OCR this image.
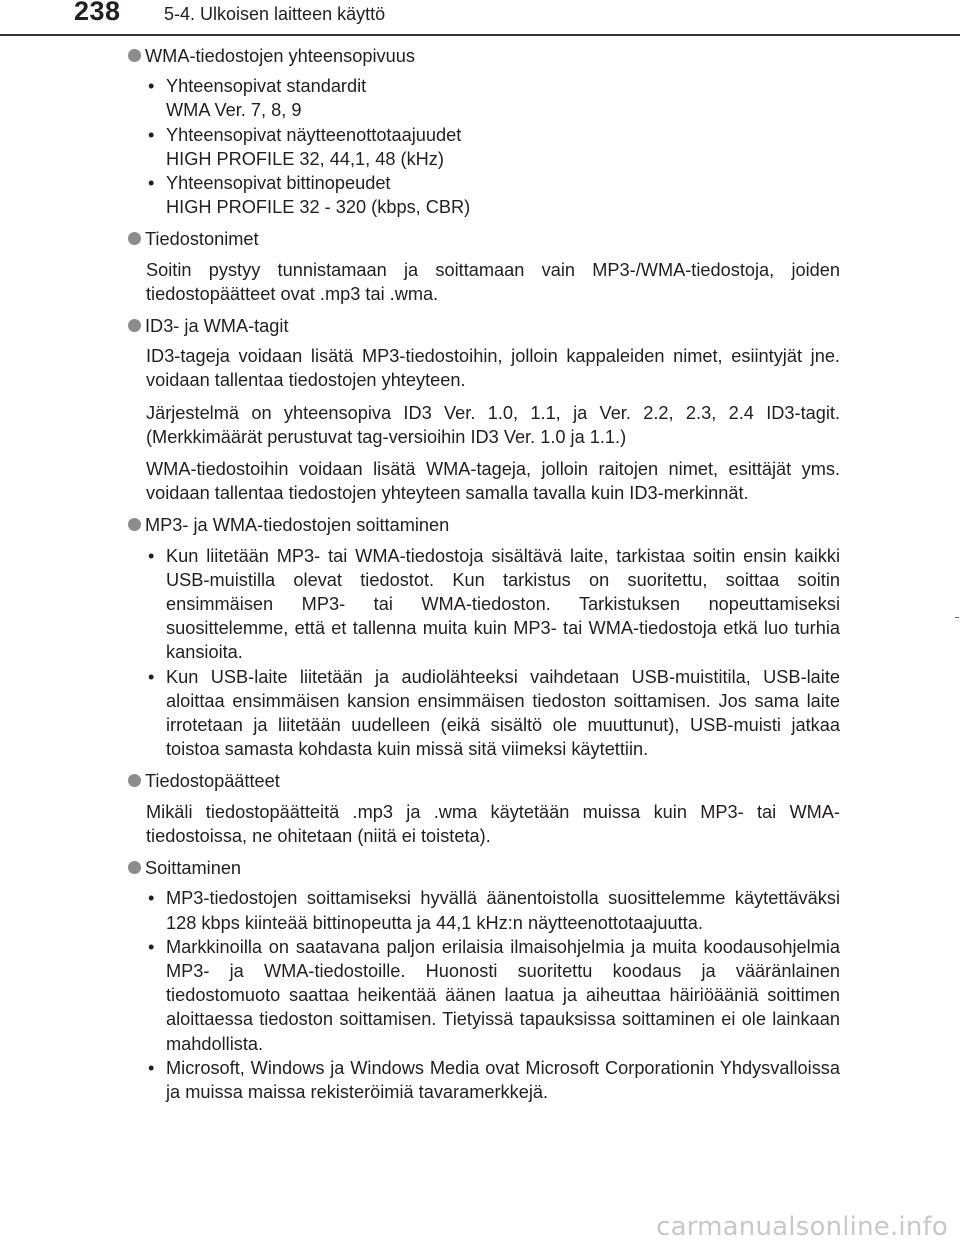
238 5-4. Ulkoisen laitteen käyttö
WMA-tiedostojen yhteensopivuus
• Yhteensopivat standardit
WMA Ver. 7, 8, 9
• Yhteensopivat näytteenottotaajuudet
HIGH PROFILE 32, 44,1, 48 (kHz)
• Yhteensopivat bittinopeudet
HIGH PROFILE 32 - 320 (kbps, CBR)
Tiedostonimet
Soitin pystyy tunnistamaan ja soittamaan vain MP3-/WMA-tiedostoja, joiden tiedostopäätteet ovat .mp3 tai .wma.
ID3- ja WMA-tagit
ID3-tageja voidaan lisätä MP3-tiedostoihin, jolloin kappaleiden nimet, esiintyjät jne. voidaan tallentaa tiedostojen yhteyteen.
Järjestelmä on yhteensopiva ID3 Ver. 1.0, 1.1, ja Ver. 2.2, 2.3, 2.4 ID3-tagit. (Merkkimäärät perustuvat tag-versioihin ID3 Ver. 1.0 ja 1.1.)
WMA-tiedostoihin voidaan lisätä WMA-tageja, jolloin raitojen nimet, esittäjät yms. voidaan tallentaa tiedostojen yhteyteen samalla tavalla kuin ID3-merkinnät.
MP3- ja WMA-tiedostojen soittaminen
• Kun liitetään MP3- tai WMA-tiedostoja sisältävä laite, tarkistaa soitin ensin kaikki USB-muistilla olevat tiedostot. Kun tarkistus on suoritettu, soittaa soitin ensimmäisen MP3- tai WMA-tiedoston. Tarkistuksen nopeuttamiseksi suosittelemme, että et tallenna muita kuin MP3- tai WMA-tiedostoja etkä luo turhia kansioita.
• Kun USB-laite liitetään ja audiolähteeksi vaihdetaan USB-muistitila, USB-laite aloittaa ensimmäisen kansion ensimmäisen tiedoston soittamisen. Jos sama laite irrotetaan ja liitetään uudelleen (eikä sisältö ole muuttunut), USB-muisti jatkaa toistoa samasta kohdasta kuin missä sitä viimeksi käytettiin.
Tiedostopäätteet
Mikäli tiedostopäätteitä .mp3 ja .wma käytetään muissa kuin MP3- tai WMA-tiedostoissa, ne ohitetaan (niitä ei toisteta).
Soittaminen
• MP3-tiedostojen soittamiseksi hyvällä äänentoistolla suosittelemme käytettäväksi 128 kbps kiinteää bittinopeutta ja 44,1 kHz:n näytteenottotaajuutta.
• Markkinoilla on saatavana paljon erilaisia ilmaisohjelmia ja muita koodausohjelmia MP3- ja WMA-tiedostoille. Huonosti suoritettu koodaus ja vääränlainen tiedostomuoto saattaa heikentää äänen laatua ja aiheuttaa häiriöääniä soittimen aloittaessa tiedoston soittamisen. Tietyissä tapauksissa soittaminen ei ole lainkaan mahdollista.
• Microsoft, Windows ja Windows Media ovat Microsoft Corporationin Yhdysvalloissa ja muissa maissa rekisteröimiä tavaramerkkejä.
carmanualsonline.info
